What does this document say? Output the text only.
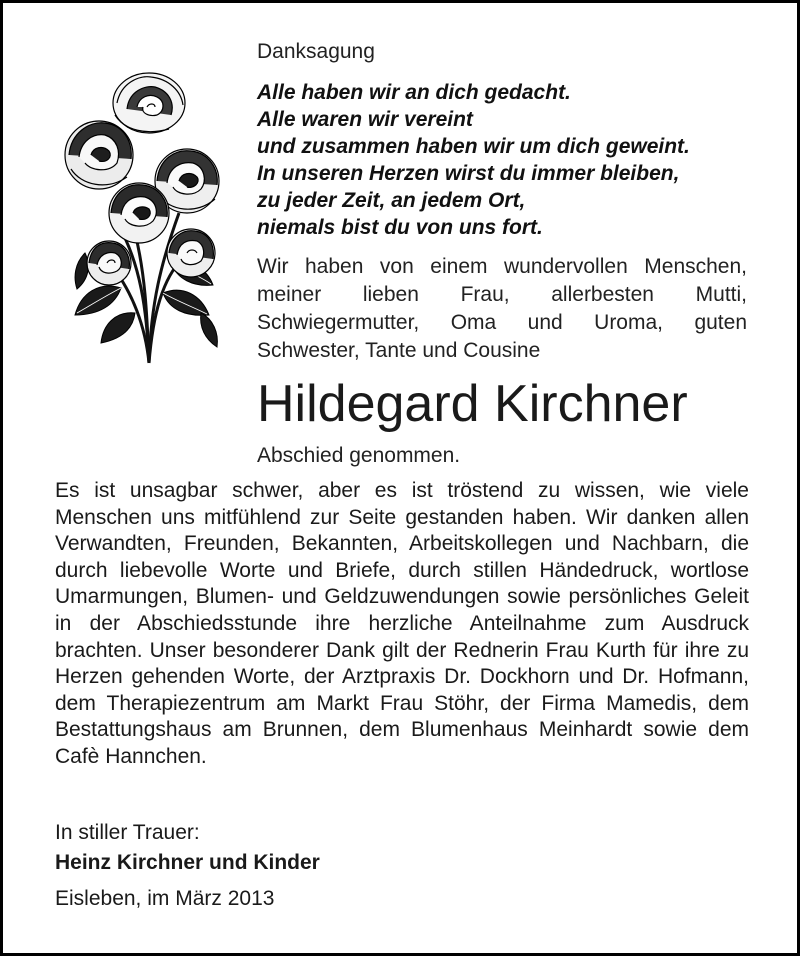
Danksagung
Alle haben wir an dich gedacht.
Alle waren wir vereint
und zusammen haben wir um dich geweint.
In unseren Herzen wirst du immer bleiben,
zu jeder Zeit, an jedem Ort,
niemals bist du von uns fort.
Wir haben von einem wundervollen Menschen, meiner lieben Frau, allerbesten Mutti, Schwiegermutter, Oma und Uroma, guten Schwester, Tante und Cousine
Hildegard Kirchner
Abschied genommen.
Es ist unsagbar schwer, aber es ist tröstend zu wissen, wie viele Menschen uns mitfühlend zur Seite gestanden haben. Wir danken allen Verwandten, Freunden, Bekannten, Arbeitskollegen und Nachbarn, die durch liebevolle Worte und Briefe, durch stillen Händedruck, wortlose Umarmungen, Blumen- und Geldzuwendungen sowie persönliches Geleit in der Abschiedsstunde ihre herzliche Anteilnahme zum Ausdruck brachten. Unser besonderer Dank gilt der Rednerin Frau Kurth für ihre zu Herzen gehenden Worte, der Arztpraxis Dr. Dockhorn und Dr. Hofmann, dem Therapiezentrum am Markt Frau Stöhr, der Firma Mamedis, dem Bestattungshaus am Brunnen, dem Blumenhaus Meinhardt sowie dem Cafè Hannchen.
In stiller Trauer:
Heinz Kirchner und Kinder
Eisleben, im März 2013
